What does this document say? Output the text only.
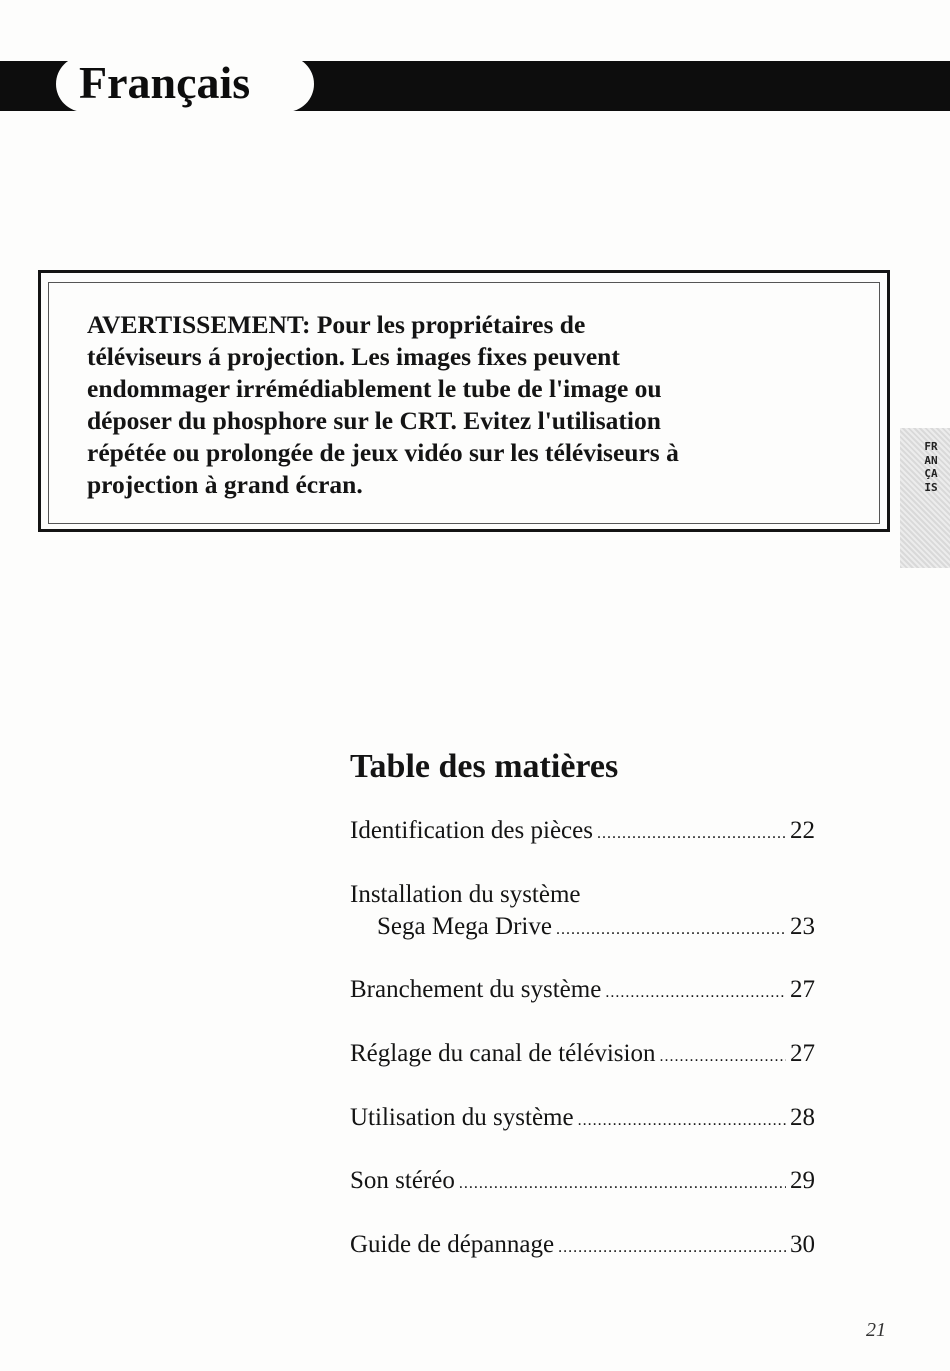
Français
AVERTISSEMENT: Pour les propriétaires de
téléviseurs á projection. Les images fixes peuvent
endommager irrémédiablement le tube de l'image ou
déposer du phosphore sur le CRT. Evitez l'utilisation
répétée ou prolongée de jeux vidéo sur les téléviseurs à
projection à grand écran.
FRANÇAIS
Table des matières
Identification des pièces .....	22
Installation du système
Sega Mega Drive .....	23
Branchement du système .....	27
Réglage du canal de télévision .....	27
Utilisation du système .....	28
Son stéréo .....	29
Guide de dépannage .....	30
21
